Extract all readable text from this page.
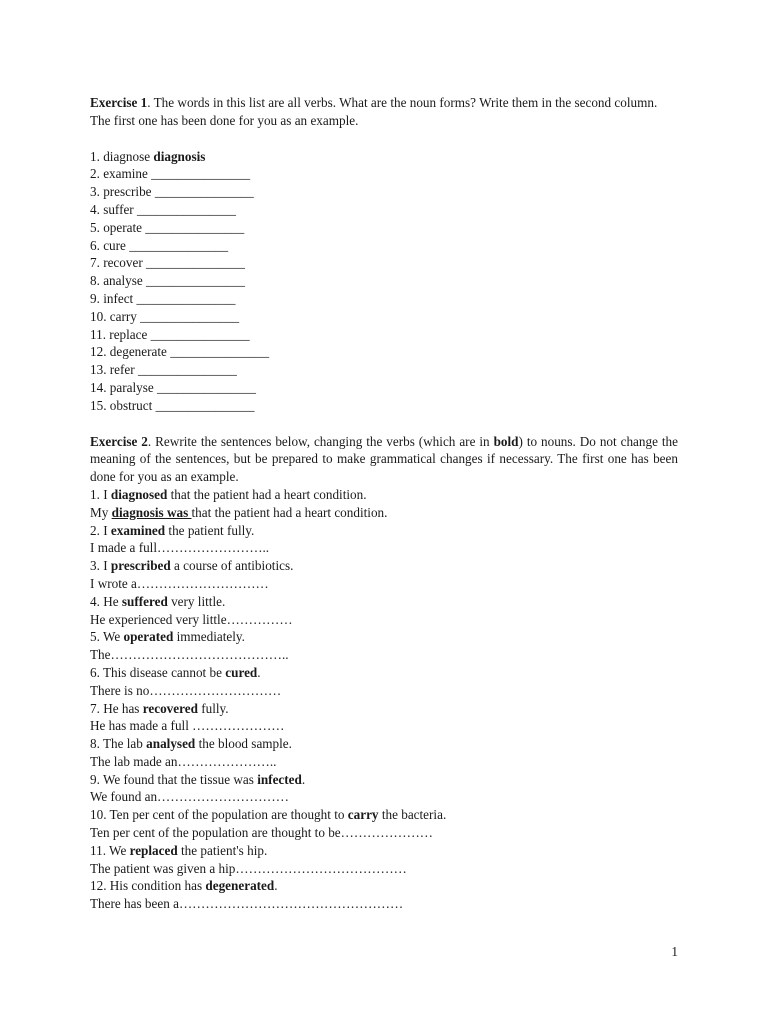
Exercise 1. The words in this list are all verbs. What are the noun forms? Write them in the second column. The first one has been done for you as an example.
1. diagnose diagnosis
2. examine _______________
3. prescribe _______________
4. suffer _______________
5. operate _______________
6. cure _______________
7. recover _______________
8. analyse _______________
9. infect _______________
10. carry _______________
11. replace _______________
12. degenerate _______________
13. refer _______________
14. paralyse _______________
15. obstruct _______________
Exercise 2. Rewrite the sentences below, changing the verbs (which are in bold) to nouns. Do not change the meaning of the sentences, but be prepared to make grammatical changes if necessary. The first one has been done for you as an example.
1. I diagnosed that the patient had a heart condition.
My diagnosis was that the patient had a heart condition.
2. I examined the patient fully.
I made a full……………………..
3. I prescribed a course of antibiotics.
I wrote a…………………………
4. He suffered very little.
He experienced very little……………
5. We operated immediately.
The…………………………………..
6. This disease cannot be cured.
There is no…………………………
7. He has recovered fully.
He has made a full …………………
8. The lab analysed the blood sample.
The lab made an…………………..
9. We found that the tissue was infected.
We found an…………………………
10. Ten per cent of the population are thought to carry the bacteria.
Ten per cent of the population are thought to be…………………
11. We replaced the patient's hip.
The patient was given a hip…………………………………
12. His condition has degenerated.
There has been a……………………………………………
1
